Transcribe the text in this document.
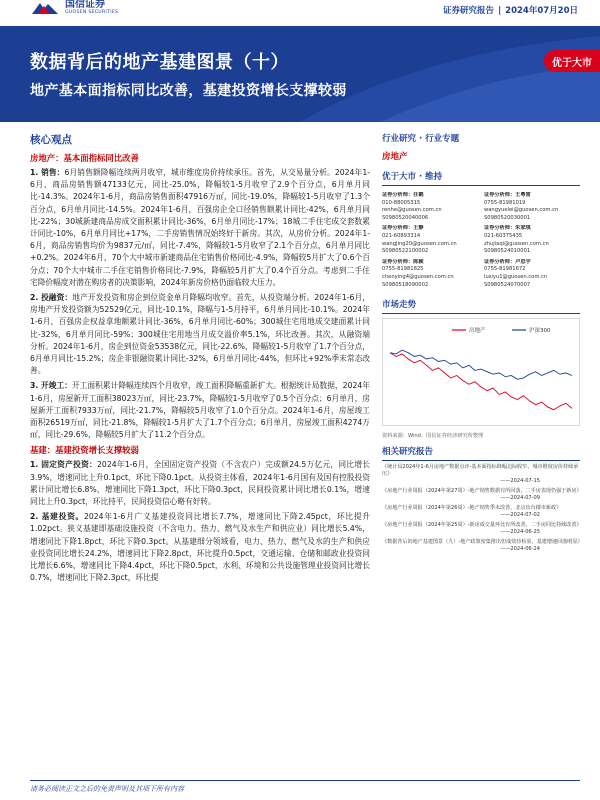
国信证券
GUOSEN SECURITIES	证券研究报告 | 2024年07月20日
数据背后的地产基建图景（十）
地产基本面指标同比改善，基建投资增长支撑较弱
优于大市
核心观点
房地产：基本面指标同比改善

1. 销售：6月销售额降幅连续两月收窄，城市维度房价持续承压。首先，从交易量分析。2024年1-6月，商品房销售额47133亿元，同比-25.0%，降幅较1-5月收窄了2.9个百分点，6月单月同比-14.3%。2024年1-6月，商品房销售面积47916万㎡，同比-19.0%，降幅较1-5月收窄了1.3个百分点，6月单月同比-14.5%。2024年1-6月，百强房企全口径销售额累计同比-42%，6月单月同比-22%；30城新建商品房成交面积累计同比-36%，6月单月同比-17%；18城二手住宅成交套数累计同比-10%，6月单月同比+17%，二手房销售情况始终好于新房。其次，从房价分析。2024年1-6月，商品房销售均价为9837元/㎡，同比-7.4%，降幅较1-5月收窄了2.1个百分点，6月单月同比+0.2%。2024年6月，70个大中城市新建商品住宅销售价格同比-4.9%，降幅较5月扩大了0.6个百分点；70个大中城市二手住宅销售价格同比-7.9%，降幅较5月扩大了0.4个百分点。考虑到二手住宅降价幅度对潜在购房者的决策影响，2024年新房价格仍面临较大压力。

2. 投融资：地产开发投资和房企到位资金单月降幅均收窄。首先，从投资端分析。2024年1-6月，房地产开发投资额为52529亿元，同比-10.1%，降幅与1-5月持平，6月单月同比-10.1%。2024年1-6月，百强房企权益拿地额累计同比-36%，6月单月同比-60%；300城住宅用地成交建面累计同比-32%，6月单月同比-59%；300城住宅用地当月成交溢价率5.1%，环比改善。其次，从融资端分析。2024年1-6月，房企到位资金53538亿元，同比-22.6%，降幅较1-5月收窄了1.7个百分点，6月单月同比-15.2%；房企非银融资累计同比-32%，6月单月同比-44%，但环比+92%季末常态改善。

3. 开竣工：开工面积累计降幅连续四个月收窄，竣工面积降幅重新扩大。根据统计局数据，2024年1-6月，房屋新开工面积38023万㎡，同比-23.7%，降幅较1-5月收窄了0.5个百分点；6月单月，房屋新开工面积7933万㎡，同比-21.7%，降幅较5月收窄了1.0个百分点。2024年1-6月，房屋竣工面积26519万㎡，同比-21.8%，降幅较1-5月扩大了1.7个百分点；6月单月，房屋竣工面积4274万㎡，同比-29.6%，降幅较5月扩大了11.2个百分点。

基建：基建投资增长支撑较弱

1. 固定资产投资：2024年1-6月，全国固定资产投资（不含农户）完成额24.5万亿元，同比增长3.9%，增速同比上升0.1pct，环比下降0.1pct。从投资主体看，2024年1-6月国有及国有控股投资累计同比增长6.8%，增速同比下降1.3pct，环比下降0.3pct，民间投资累计同比增长0.1%，增速同比上升0.3pct，环比持平，民间投资信心略有好转。

2. 基建投资。2024年1-6月广义基建投资同比增长7.7%，增速同比下降2.45pct，环比提升1.02pct。狭义基建即基础设施投资（不含电力、热力、燃气及水生产和供应业）同比增长5.4%，增速同比下降1.8pct，环比下降0.3pct。从基建细分领域看，电力、热力、燃气及水的生产和供应业投资同比增长24.2%，增速同比下降2.8pct，环比提升0.5pct，交通运输、仓储和邮政业投资同比增长6.6%，增速同比下降4.4pct，环比下降0.5pct，水利、环境和公共设施管理业投资同比增长0.7%，增速同比下降2.3pct，环比提

行业研究 · 行业专题
房地产
优于大市 · 维持
证券分析师：任鹤
010-88005315
renhe@guosen.com.cn
S0980520040006
证券分析师：王粤雷
0755-81981019
wangyuelei@guosen.com.cn
S0980520030001
证券分析师：王静
021-60893314
wangjing20@guosen.com.cn
S0980522100002
证券分析师：朱家琪
021-60375435
zhujiaqi@guosen.com.cn
S0980524010001
证券分析师：陈颖
0755-81981825
chenying4@guosen.com.cn
S0980518090002
证券分析师：卢思宇
0755-81981672
lusiyu1@guosen.com.cn
S0980524070007
市场走势
房地产	沪深300
资料来源：Wind、国信证券经济研究所整理
相关研究报告
《统计局2024年1-6月房地产数据点评-基本面指标降幅边际收窄，城市维度房价持续承压》
——2024-07-15
《房地产行业周报（2024年第27周）-地产销售数据有所回落，二手房表现仍强于新房》
——2024-07-09
《房地产行业周报（2024年第26周）-地产销售季末改善，北京出台楼市新政》
——2024-07-02
《房地产行业周报（2024年第25周）-新房成交量环比有所改善，二手房同比持续改善》
——2024-06-25
《数据背后的地产基建图景（九）-地产政策密集推出但成效待检验，基建增速回落明显》
——2024-06-24
请务必阅读正文之后的免责声明及其项下所有内容
